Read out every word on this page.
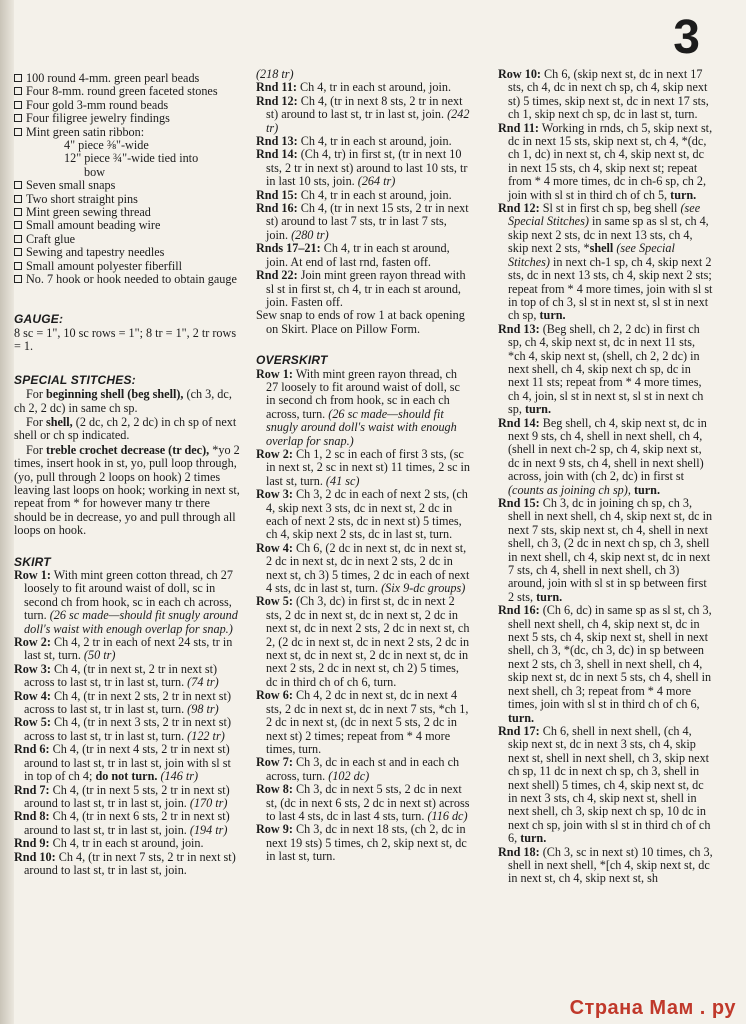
3
100 round 4-mm. green pearl beads
Four 8-mm. round green faceted stones
Four gold 3-mm round beads
Four filigree jewelry findings
Mint green satin ribbon:
4" piece ⅜"-wide
12" piece ¾"-wide tied into
bow
Seven small snaps
Two short straight pins
Mint green sewing thread
Small amount beading wire
Craft glue
Sewing and tapestry needles
Small amount polyester fiberfill
No. 7 hook or hook needed to obtain gauge
GAUGE:
8 sc = 1", 10 sc rows = 1"; 8 tr = 1", 2 tr rows = 1.
SPECIAL STITCHES:
For beginning shell (beg shell), (ch 3, dc, ch 2, 2 dc) in same ch sp.
For shell, (2 dc, ch 2, 2 dc) in ch sp of next shell or ch sp indicated.
For treble crochet decrease (tr dec), *yo 2 times, insert hook in st, yo, pull loop through, (yo, pull through 2 loops on hook) 2 times leaving last loops on hook; working in next st, repeat from * for however many tr there should be in decrease, yo and pull through all loops on hook.
SKIRT
Row 1: With mint green cotton thread, ch 27 loosely to fit around waist of doll, sc in second ch from hook, sc in each ch across, turn. (26 sc made—should fit snugly around doll's waist with enough overlap for snap.)
Row 2: Ch 4, 2 tr in each of next 24 sts, tr in last st, turn. (50 tr)
Row 3: Ch 4, (tr in next st, 2 tr in next st) across to last st, tr in last st, turn. (74 tr)
Row 4: Ch 4, (tr in next 2 sts, 2 tr in next st) across to last st, tr in last st, turn. (98 tr)
Row 5: Ch 4, (tr in next 3 sts, 2 tr in next st) across to last st, tr in last st, turn. (122 tr)
Rnd 6: Ch 4, (tr in next 4 sts, 2 tr in next st) around to last st, tr in last st, join with sl st in top of ch 4; do not turn. (146 tr)
Rnd 7: Ch 4, (tr in next 5 sts, 2 tr in next st) around to last st, tr in last st, join. (170 tr)
Rnd 8: Ch 4, (tr in next 6 sts, 2 tr in next st) around to last st, tr in last st, join. (194 tr)
Rnd 9: Ch 4, tr in each st around, join.
Rnd 10: Ch 4, (tr in next 7 sts, 2 tr in next st) around to last st, tr in last st, join.
(218 tr)
Rnd 11: Ch 4, tr in each st around, join.
Rnd 12: Ch 4, (tr in next 8 sts, 2 tr in next st) around to last st, tr in last st, join. (242 tr)
Rnd 13: Ch 4, tr in each st around, join.
Rnd 14: (Ch 4, tr) in first st, (tr in next 10 sts, 2 tr in next st) around to last 10 sts, tr in last 10 sts, join. (264 tr)
Rnd 15: Ch 4, tr in each st around, join.
Rnd 16: Ch 4, (tr in next 15 sts, 2 tr in next st) around to last 7 sts, tr in last 7 sts, join. (280 tr)
Rnds 17–21: Ch 4, tr in each st around, join. At end of last rnd, fasten off.
Rnd 22: Join mint green rayon thread with sl st in first st, ch 4, tr in each st around, join. Fasten off.
Sew snap to ends of row 1 at back opening on Skirt. Place on Pillow Form.
OVERSKIRT
Row 1: With mint green rayon thread, ch 27 loosely to fit around waist of doll, sc in second ch from hook, sc in each ch across, turn. (26 sc made—should fit snugly around doll's waist with enough overlap for snap.)
Row 2: Ch 1, 2 sc in each of first 3 sts, (sc in next st, 2 sc in next st) 11 times, 2 sc in last st, turn. (41 sc)
Row 3: Ch 3, 2 dc in each of next 2 sts, (ch 4, skip next 3 sts, dc in next st, 2 dc in each of next 2 sts, dc in next st) 5 times, ch 4, skip next 2 sts, dc in last st, turn.
Row 4: Ch 6, (2 dc in next st, dc in next st, 2 dc in next st, dc in next 2 sts, 2 dc in next st, ch 3) 5 times, 2 dc in each of next 4 sts, dc in last st, turn. (Six 9-dc groups)
Row 5: (Ch 3, dc) in first st, dc in next 2 sts, 2 dc in next st, dc in next st, 2 dc in next st, dc in next 2 sts, 2 dc in next st, ch 2, (2 dc in next st, dc in next 2 sts, 2 dc in next st, dc in next st, 2 dc in next st, dc in next 2 sts, 2 dc in next st, ch 2) 5 times, dc in third ch of ch 6, turn.
Row 6: Ch 4, 2 dc in next st, dc in next 4 sts, 2 dc in next st, dc in next 7 sts, *ch 1, 2 dc in next st, (dc in next 5 sts, 2 dc in next st) 2 times; repeat from * 4 more times, turn.
Row 7: Ch 3, dc in each st and in each ch across, turn. (102 dc)
Row 8: Ch 3, dc in next 5 sts, 2 dc in next st, (dc in next 6 sts, 2 dc in next st) across to last 4 sts, dc in last 4 sts, turn. (116 dc)
Row 9: Ch 3, dc in next 18 sts, (ch 2, dc in next 19 sts) 5 times, ch 2, skip next st, dc in last st, turn.
Row 10: Ch 6, (skip next st, dc in next 17 sts, ch 4, dc in next ch sp, ch 4, skip next st) 5 times, skip next st, dc in next 17 sts, ch 1, skip next ch sp, dc in last st, turn.
Rnd 11: Working in rnds, ch 5, skip next st, dc in next 15 sts, skip next st, ch 4, *(dc, ch 1, dc) in next st, ch 4, skip next st, dc in next 15 sts, ch 4, skip next st; repeat from * 4 more times, dc in ch-6 sp, ch 2, join with sl st in third ch of ch 5, turn.
Rnd 12: Sl st in first ch sp, beg shell (see Special Stitches) in same sp as sl st, ch 4, skip next 2 sts, dc in next 13 sts, ch 4, skip next 2 sts, *shell (see Special Stitches) in next ch-1 sp, ch 4, skip next 2 sts, dc in next 13 sts, ch 4, skip next 2 sts; repeat from * 4 more times, join with sl st in top of ch 3, sl st in next st, sl st in next ch sp, turn.
Rnd 13: (Beg shell, ch 2, 2 dc) in first ch sp, ch 4, skip next st, dc in next 11 sts, *ch 4, skip next st, (shell, ch 2, 2 dc) in next shell, ch 4, skip next ch sp, dc in next 11 sts; repeat from * 4 more times, ch 4, join, sl st in next st, sl st in next ch sp, turn.
Rnd 14: Beg shell, ch 4, skip next st, dc in next 9 sts, ch 4, shell in next shell, ch 4, (shell in next ch-2 sp, ch 4, skip next st, dc in next 9 sts, ch 4, shell in next shell) across, join with (ch 2, dc) in first st (counts as joining ch sp), turn.
Rnd 15: Ch 3, dc in joining ch sp, ch 3, shell in next shell, ch 4, skip next st, dc in next 7 sts, skip next st, ch 4, shell in next shell, ch 3, (2 dc in next ch sp, ch 3, shell in next shell, ch 4, skip next st, dc in next 7 sts, ch 4, shell in next shell, ch 3) around, join with sl st in sp between first 2 sts, turn.
Rnd 16: (Ch 6, dc) in same sp as sl st, ch 3, shell next shell, ch 4, skip next st, dc in next 5 sts, ch 4, skip next st, shell in next shell, ch 3, *(dc, ch 3, dc) in sp between next 2 sts, ch 3, shell in next shell, ch 4, skip next st, dc in next 5 sts, ch 4, shell in next shell, ch 3; repeat from * 4 more times, join with sl st in third ch of ch 6, turn.
Rnd 17: Ch 6, shell in next shell, (ch 4, skip next st, dc in next 3 sts, ch 4, skip next st, shell in next shell, ch 3, skip next ch sp, 11 dc in next ch sp, ch 3, shell in next shell) 5 times, ch 4, skip next st, dc in next 3 sts, ch 4, skip next st, shell in next shell, ch 3, skip next ch sp, 10 dc in next ch sp, join with sl st in third ch of ch 6, turn.
Rnd 18: (Ch 3, sc in next st) 10 times, ch 3, shell in next shell, *[ch 4, skip next st, dc in next st, ch 4, skip next st, sh
Страна Мам . ру
